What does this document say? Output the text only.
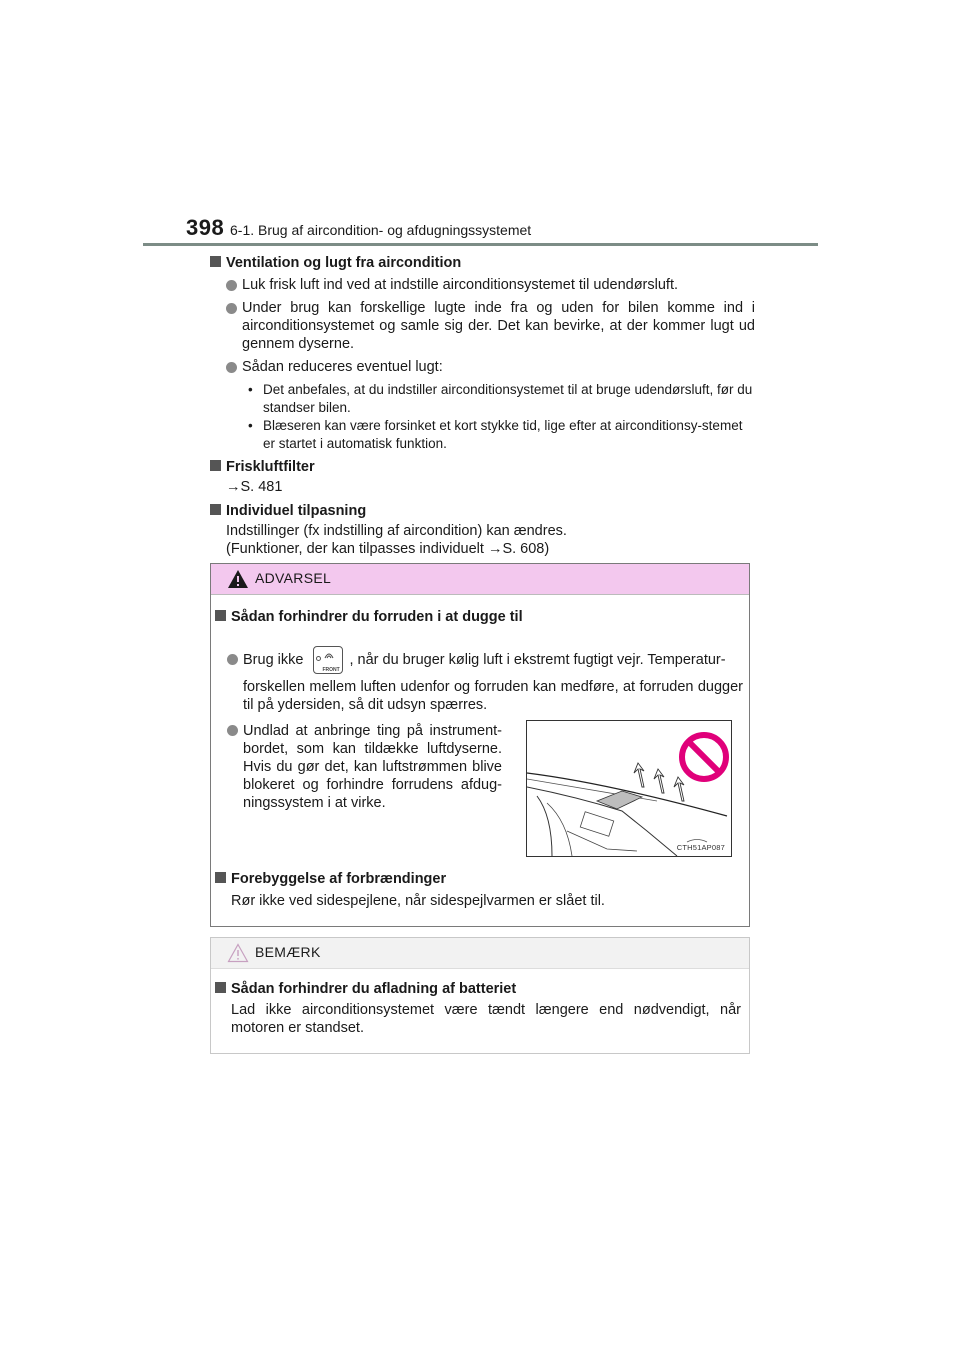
398 6-1. Brug af aircondition- og afdugningssystemet
Ventilation og lugt fra aircondition
Luk frisk luft ind ved at indstille airconditionsystemet til udendørsluft.
Under brug kan forskellige lugte inde fra og uden for bilen komme ind i airconditionsystemet og samle sig der. Det kan bevirke, at der kommer lugt ud gennem dyserne.
Sådan reduceres eventuel lugt:
• Det anbefales, at du indstiller airconditionsystemet til at bruge udendørsluft, før du standser bilen.
• Blæseren kan være forsinket et kort stykke tid, lige efter at airconditionsy-stemet er startet i automatisk funktion.
Friskluftfilter
→S. 481
Individuel tilpasning
Indstillinger (fx indstilling af aircondition) kan ændres.
(Funktioner, der kan tilpasses individuelt →S. 608)
ADVARSEL
Sådan forhindrer du forruden i at dugge til
Brug ikke
FRONT
, når du bruger kølig luft i ekstremt fugtigt vejr. Temperatur-
forskellen mellem luften udenfor og forruden kan medføre, at forruden dugger til på ydersiden, så dit udsyn spærres.
Undlad at anbringe ting på instrument-bordet, som kan tildække luftdyserne. Hvis du gør det, kan luftstrømmen blive blokeret og forhindre forrudens afdug-ningssystem i at virke.
CTH51AP087
Forebyggelse af forbrændinger
Rør ikke ved sidespejlene, når sidespejlvarmen er slået til.
BEMÆRK
Sådan forhindrer du afladning af batteriet
Lad ikke airconditionsystemet være tændt længere end nødvendigt, når motoren er standset.
